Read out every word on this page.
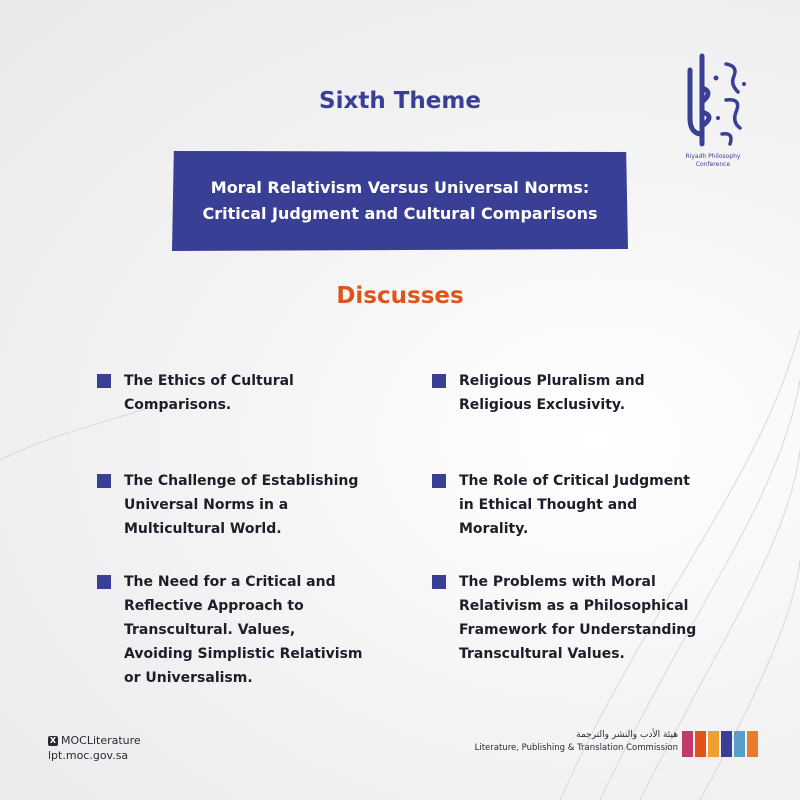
Sixth Theme
Moral Relativism Versus Universal Norms:
Critical Judgment and Cultural Comparisons
Riyadh Philosophy
Conference
Discusses
The Ethics of Cultural
Comparisons.
Religious Pluralism and
Religious Exclusivity.
The Challenge of Establishing
Universal Norms in a
Multicultural World.
The Role of Critical Judgment
in Ethical Thought and
Morality.
The Need for a Critical and
Reflective Approach to
Transcultural. Values,
Avoiding Simplistic Relativism
or Universalism.
The Problems with Moral
Relativism as a Philosophical
Framework for Understanding
Transcultural Values.
X MOCLiterature
lpt.moc.gov.sa
هيئة الأدب والنشر والترجمة
Literature, Publishing & Translation Commission
